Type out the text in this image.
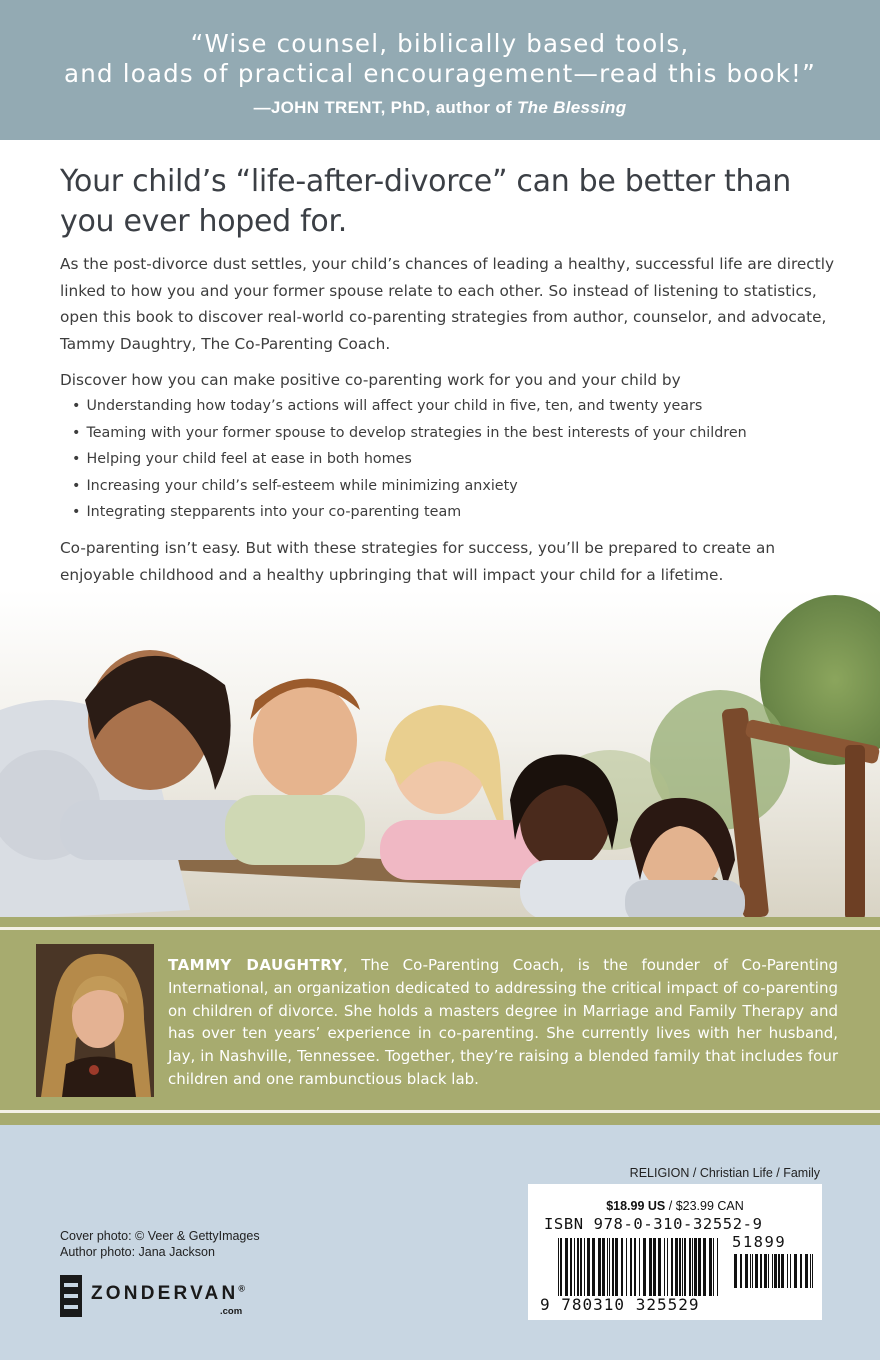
“Wise counsel, biblically based tools,
and loads of practical encouragement—read this book!”
—JOHN TRENT, PhD, author of The Blessing
Your child’s “life-after-divorce” can be better than you ever hoped for.
As the post-divorce dust settles, your child’s chances of leading a healthy, successful life are directly linked to how you and your former spouse relate to each other. So instead of listening to statistics, open this book to discover real-world co-parenting strategies from author, counselor, and advocate, Tammy Daughtry, The Co-Parenting Coach.
Discover how you can make positive co-parenting work for you and your child by
• Understanding how today’s actions will affect your child in five, ten, and twenty years
• Teaming with your former spouse to develop strategies in the best interests of your children
• Helping your child feel at ease in both homes
• Increasing your child’s self-esteem while minimizing anxiety
• Integrating stepparents into your co-parenting team
Co-parenting isn’t easy. But with these strategies for success, you’ll be prepared to create an enjoyable childhood and a healthy upbringing that will impact your child for a lifetime.
TAMMY DAUGHTRY, The Co-Parenting Coach, is the founder of Co-Parenting International, an organization dedicated to addressing the critical impact of co-parenting on children of divorce. She holds a masters degree in Marriage and Family Therapy and has over ten years’ experience in co-parenting. She currently lives with her husband, Jay, in Nashville, Tennessee. Together, they’re raising a blended family that includes four children and one rambunctious black lab.
RELIGION / Christian Life / Family
Cover photo: © Veer & GettyImages
Author photo: Jana Jackson
ZONDERVAN®
.com
$18.99 US / $23.99 CAN
ISBN 978-0-310-32552-9
51899
9 780310 325529
